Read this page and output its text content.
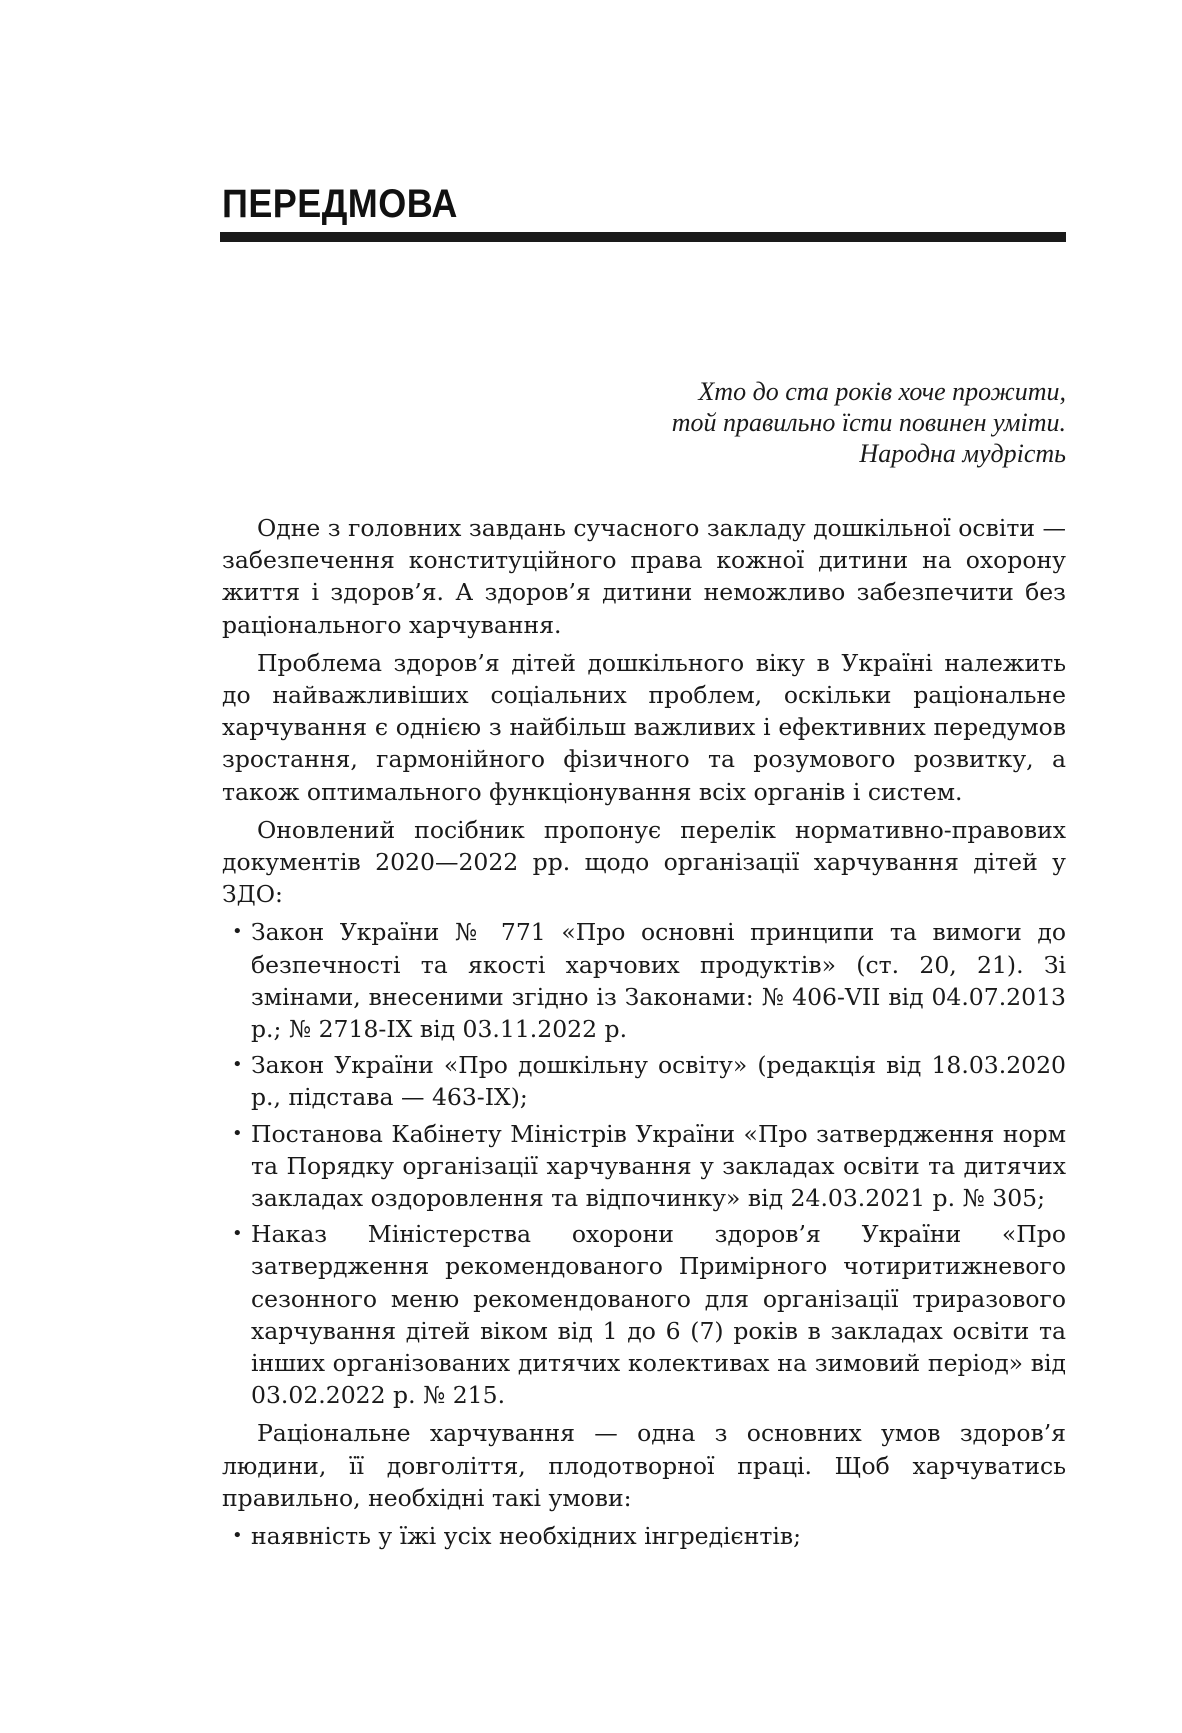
ПЕРЕДМОВА
Хто до ста років хоче прожити,
той правильно їсти повинен уміти.
Народна мудрість

Одне з головних завдань сучасного закладу дошкільної освіти — забезпечення конституційного права кожної дитини на охорону життя і здоров’я. А здоров’я дитини неможливо забезпечити без раціонального харчування.

Проблема здоров’я дітей дошкільного віку в Україні належить до найважливіших соціальних проблем, оскільки раціональне харчування є однією з найбільш важливих і ефективних передумов зростання, гармонійного фізичного та розумового розвитку, а також оптимального функціонування всіх органів і систем.

Оновлений посібник пропонує перелік нормативно-правових документів 2020—2022 рр. щодо організації харчування дітей у ЗДО:

• Закон України № 771 «Про основні принципи та вимоги до безпечності та якості харчових продуктів» (ст. 20, 21). Зі змінами, внесеними згідно із Законами: № 406-VII від 04.07.2013 р.; № 2718-IX від 03.11.2022 р.
• Закон України «Про дошкільну освіту» (редакція від 18.03.2020 р., підстава — 463-IX);
• Постанова Кабінету Міністрів України «Про затвердження норм та Порядку організації харчування у закладах освіти та дитячих закладах оздоровлення та відпочинку» від 24.03.2021 р. № 305;
• Наказ Міністерства охорони здоров’я України «Про затвердження рекомендованого Примірного чотиритижневого сезонного меню рекомендованого для організації триразового харчування дітей віком від 1 до 6 (7) років в закладах освіти та інших організованих дитячих колективах на зимовий період» від 03.02.2022 р. № 215.

Раціональне харчування — одна з основних умов здоров’я людини, її довголіття, плодотворної праці. Щоб харчуватись правильно, необхідні такі умови:

• наявність у їжі усіх необхідних інгредієнтів;
